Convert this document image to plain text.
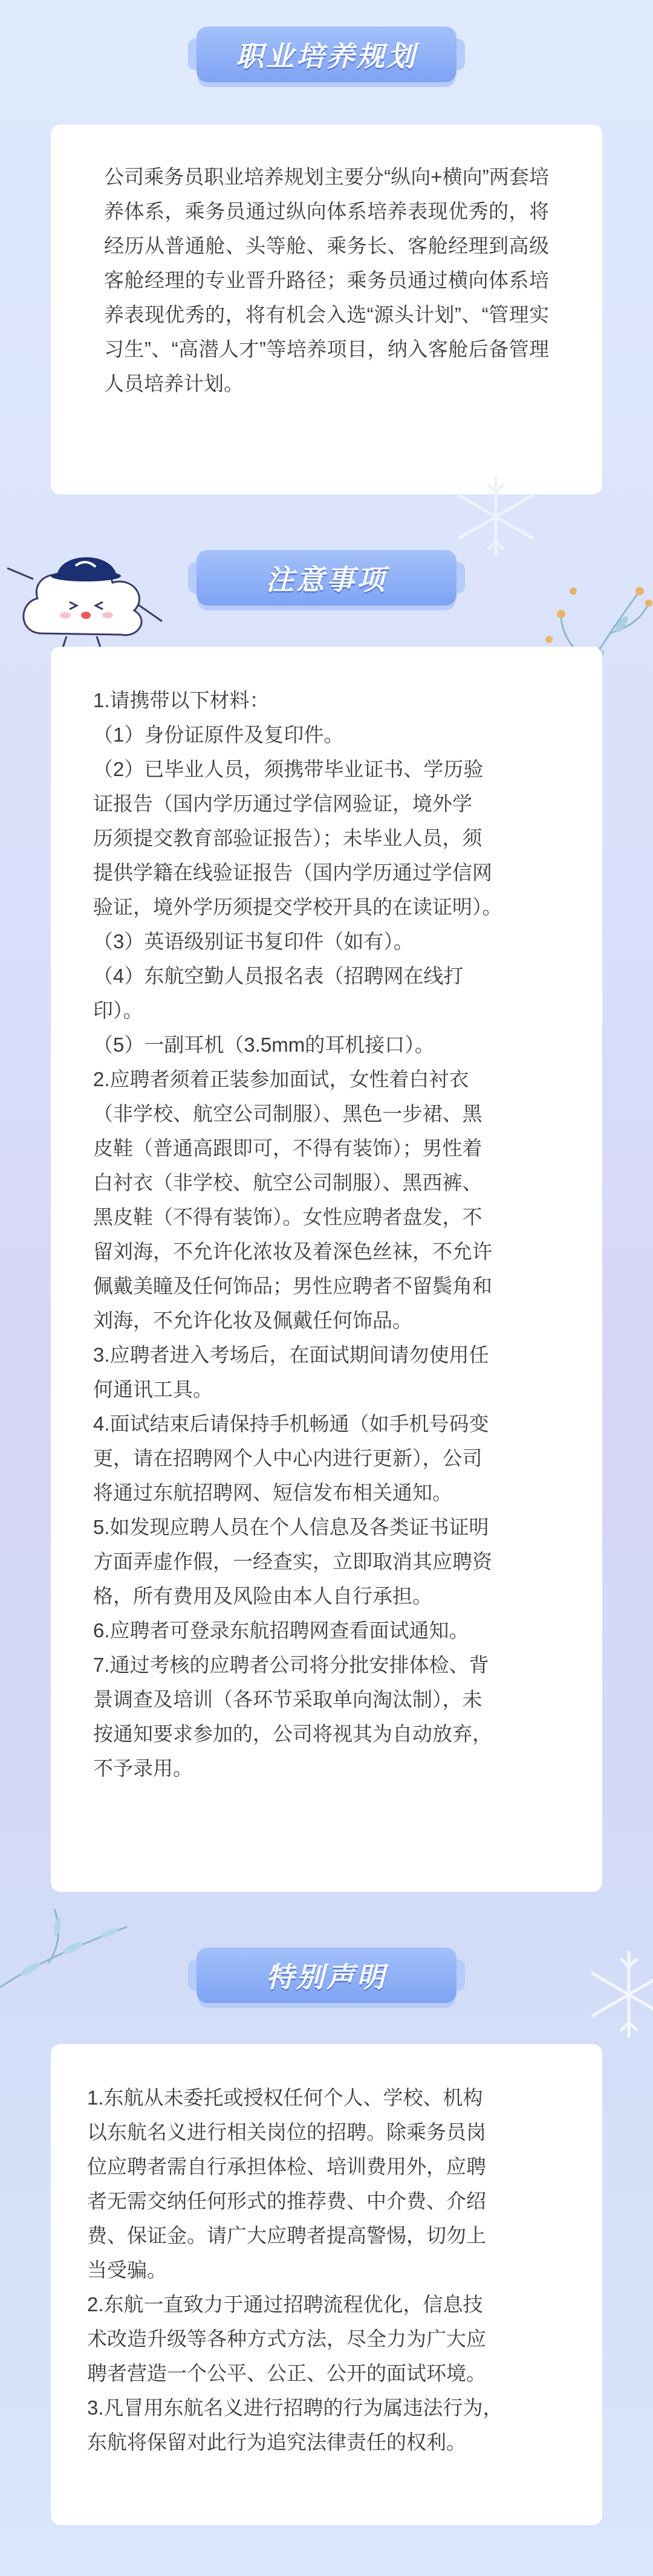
职业培养规划

公司乘务员职业培养规划主要分“纵向+横向”两套培养体系，乘务员通过纵向体系培养表现优秀的，将经历从普通舱、头等舱、乘务长、客舱经理到高级客舱经理的专业晋升路径；乘务员通过横向体系培养表现优秀的，将有机会入选“源头计划”、“管理实习生”、“高潜人才”等培养项目，纳入客舱后备管理人员培养计划。

注意事项
1.请携带以下材料：
（1）身份证原件及复印件。
（2）已毕业人员，须携带毕业证书、学历验
证报告（国内学历通过学信网验证，境外学
历须提交教育部验证报告）；未毕业人员，须
提供学籍在线验证报告（国内学历通过学信网
验证，境外学历须提交学校开具的在读证明）。
（3）英语级别证书复印件（如有）。
（4）东航空勤人员报名表（招聘网在线打
印）。
（5）一副耳机（3.5mm的耳机接口）。
2.应聘者须着正装参加面试，女性着白衬衣
（非学校、航空公司制服）、黑色一步裙、黑
皮鞋（普通高跟即可，不得有装饰）；男性着
白衬衣（非学校、航空公司制服）、黑西裤、
黑皮鞋（不得有装饰）。女性应聘者盘发，不
留刘海，不允许化浓妆及着深色丝袜，不允许
佩戴美瞳及任何饰品；男性应聘者不留鬓角和
刘海，不允许化妆及佩戴任何饰品。
3.应聘者进入考场后，在面试期间请勿使用任
何通讯工具。
4.面试结束后请保持手机畅通（如手机号码变
更，请在招聘网个人中心内进行更新），公司
将通过东航招聘网、短信发布相关通知。
5.如发现应聘人员在个人信息及各类证书证明
方面弄虚作假，一经查实，立即取消其应聘资
格，所有费用及风险由本人自行承担。
6.应聘者可登录东航招聘网查看面试通知。
7.通过考核的应聘者公司将分批安排体检、背
景调查及培训（各环节采取单向淘汰制），未
按通知要求参加的，公司将视其为自动放弃，
不予录用。
特别声明
1.东航从未委托或授权任何个人、学校、机构
以东航名义进行相关岗位的招聘。除乘务员岗
位应聘者需自行承担体检、培训费用外，应聘
者无需交纳任何形式的推荐费、中介费、介绍
费、保证金。请广大应聘者提高警惕，切勿上
当受骗。
2.东航一直致力于通过招聘流程优化，信息技
术改造升级等各种方式方法，尽全力为广大应
聘者营造一个公平、公正、公开的面试环境。
3.凡冒用东航名义进行招聘的行为属违法行为，
东航将保留对此行为追究法律责任的权利。
